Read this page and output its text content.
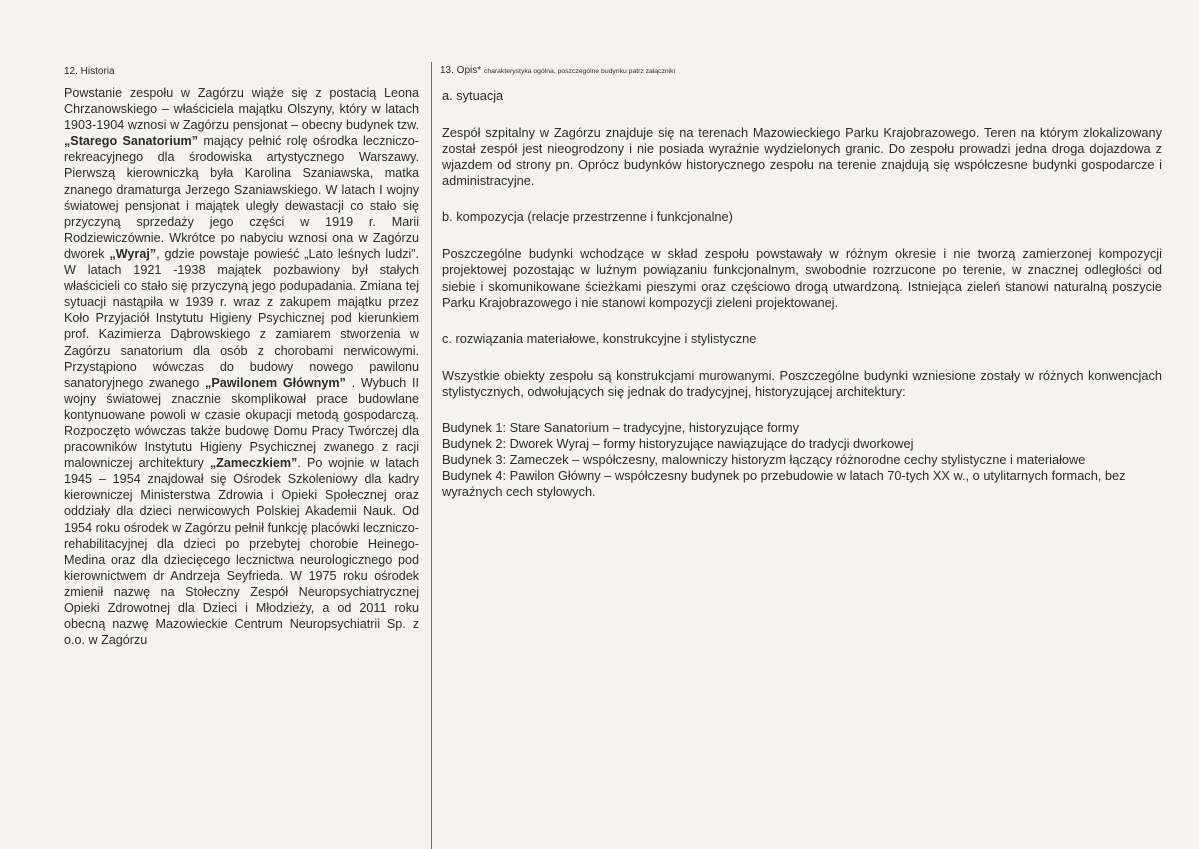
12. Historia

Powstanie zespołu w Zagórzu wiąże się z postacią Leona Chrzanowskiego – właściciela majątku Olszyny, który w latach 1903-1904 wznosi w Zagórzu pensjonat – obecny budynek tzw. „Starego Sanatorium” mający pełnić rolę ośrodka leczniczo-rekreacyjnego dla środowiska artystycznego Warszawy. Pierwszą kierowniczką była Karolina Szaniawska, matka znanego dramaturga Jerzego Szaniawskiego. W latach I wojny światowej pensjonat i majątek uległy dewastacji co stało się przyczyną sprzedaży jego części w 1919 r. Marii Rodziewiczównie. Wkrótce po nabyciu wznosi ona w Zagórzu dworek „Wyraj”, gdzie powstaje powieść „Lato leśnych ludzi”. W latach 1921 -1938 majątek pozbawiony był stałych właścicieli co stało się przyczyną jego podupadania. Zmiana tej sytuacji nastąpiła w 1939 r. wraz z zakupem majątku przez Koło Przyjaciół Instytutu Higieny Psychicznej pod kierunkiem prof. Kazimierza Dąbrowskiego z zamiarem stworzenia w Zagórzu sanatorium dla osób z chorobami nerwicowymi. Przystąpiono wówczas do budowy nowego pawilonu sanatoryjnego zwanego „Pawilonem Głównym” . Wybuch II wojny światowej znacznie skomplikował prace budowlane kontynuowane powoli w czasie okupacji metodą gospodarczą. Rozpoczęto wówczas także budowę Domu Pracy Twórczej dla pracowników Instytutu Higieny Psychicznej zwanego z racji malowniczej architektury „Zameczkiem”. Po wojnie w latach 1945 – 1954 znajdował się Ośrodek Szkoleniowy dla kadry kierowniczej Ministerstwa Zdrowia i Opieki Społecznej oraz oddziały dla dzieci nerwicowych Polskiej Akademii Nauk. Od 1954 roku ośrodek w Zagórzu pełnił funkcję placówki leczniczo-rehabilitacyjnej dla dzieci po przebytej chorobie Heinego-Medina oraz dla dziecięcego lecznictwa neurologicznego pod kierownictwem dr Andrzeja Seyfrieda. W 1975 roku ośrodek zmienił nazwę na Stołeczny Zespół Neuropsychiatrycznej Opieki Zdrowotnej dla Dzieci i Młodzieży, a od 2011 roku obecną nazwę Mazowieckie Centrum Neuropsychiatrii Sp. z o.o. w Zagórzu

13. Opis* charakterystyka ogólna, poszczególne budynku patrz załączniki
a. sytuacja

Zespół szpitalny w Zagórzu znajduje się na terenach Mazowieckiego Parku Krajobrazowego. Teren na którym zlokalizowany został zespół jest nieogrodzony i nie posiada wyraźnie wydzielonych granic. Do zespołu prowadzi jedna droga dojazdowa z wjazdem od strony pn. Oprócz budynków historycznego zespołu na terenie znajdują się współczesne budynki gospodarcze i administracyjne.

b. kompozycja (relacje przestrzenne i funkcjonalne)

Poszczególne budynki wchodzące w skład zespołu powstawały w różnym okresie i nie tworzą zamierzonej kompozycji projektowej pozostając w luźnym powiązaniu funkcjonalnym, swobodnie rozrzucone po terenie, w znacznej odległości od siebie i skomunikowane ścieżkami pieszymi oraz częściowo drogą utwardzoną. Istniejąca zieleń stanowi naturalną poszycie Parku Krajobrazowego i nie stanowi kompozycji zieleni projektowanej.

c. rozwiązania materiałowe, konstrukcyjne i stylistyczne

Wszystkie obiekty zespołu są konstrukcjami murowanymi. Poszczególne budynki wzniesione zostały w różnych konwencjach stylistycznych, odwołujących się jednak do tradycyjnej, historyzującej architektury:

Budynek 1: Stare Sanatorium – tradycyjne, historyzujące formy

Budynek 2: Dworek Wyraj – formy historyzujące nawiązujące do tradycji dworkowej

Budynek 3: Zameczek – współczesny, malowniczy historyzm łączący różnorodne cechy stylistyczne i materiałowe

Budynek 4: Pawilon Główny – współczesny budynek po przebudowie w latach 70-tych XX w., o utylitarnych formach, bez wyraźnych cech stylowych.
